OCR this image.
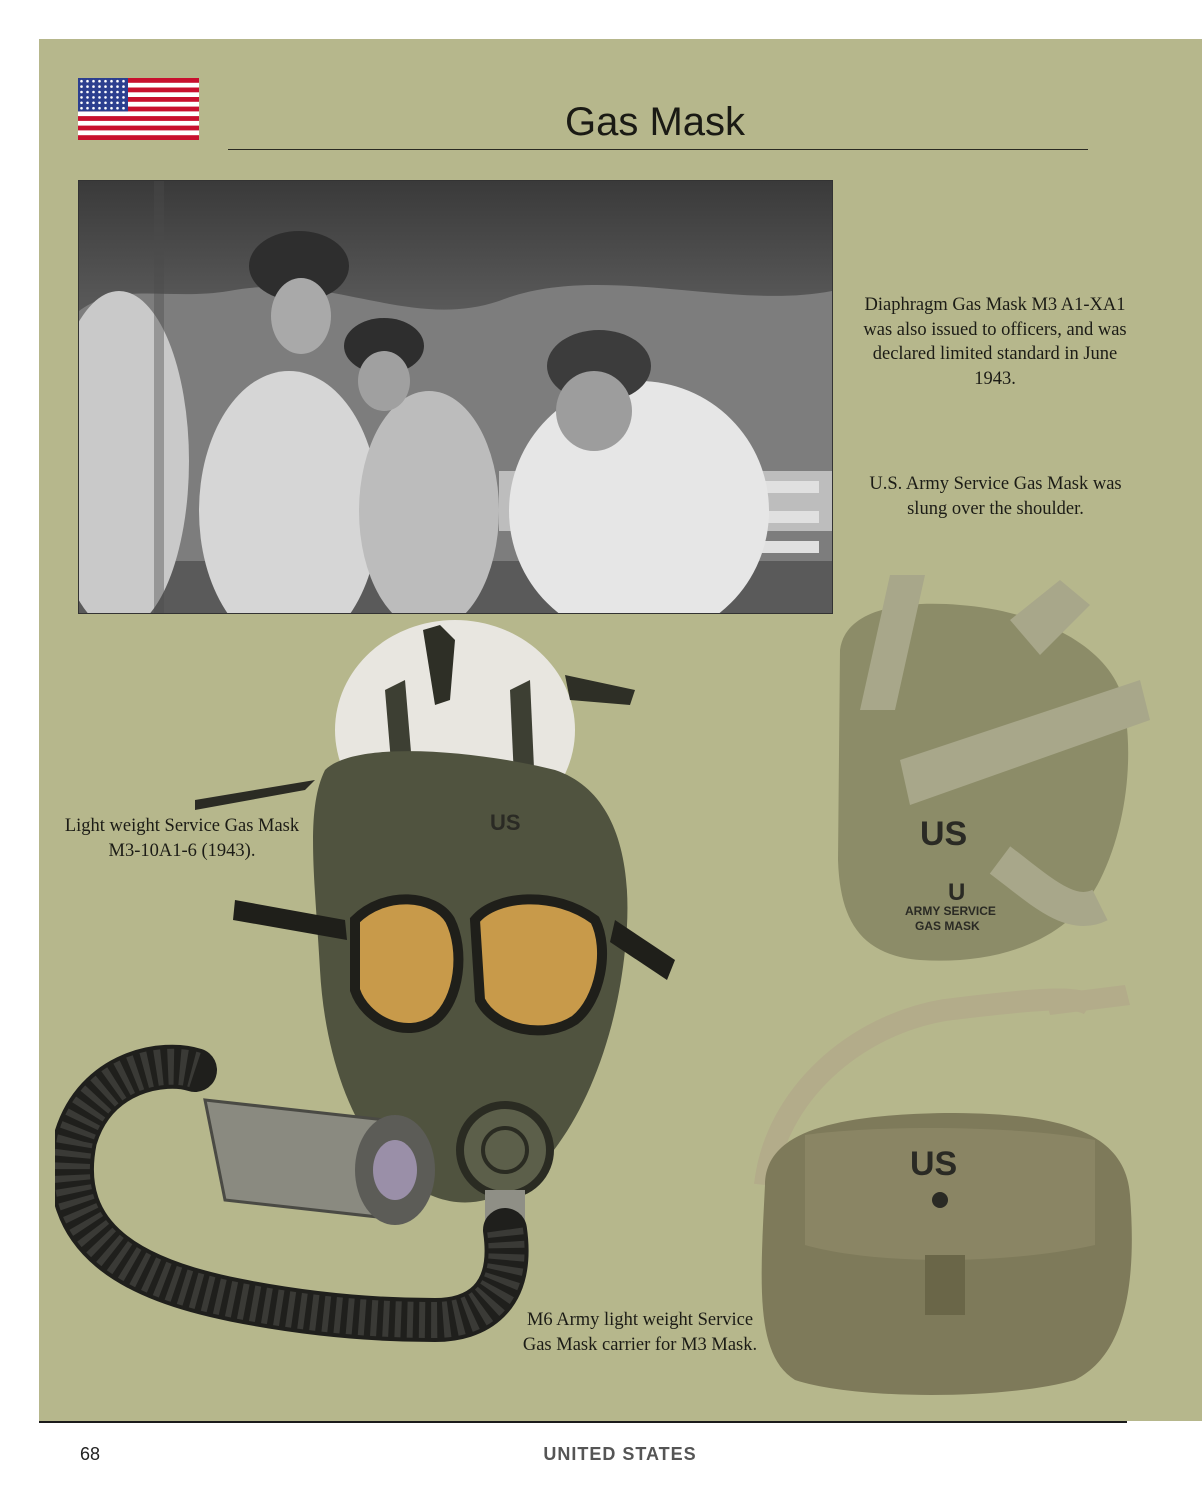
Gas Mask
Diaphragm Gas Mask M3 A1-XA1 was also issued to officers, and was declared limited standard in June 1943.
U.S. Army Service Gas Mask was slung over the shoulder.
Light weight Service Gas Mask M3-10A1-6 (1943).
M6 Army light weight Service Gas Mask carrier for M3 Mask.
US	US
U
ARMY SERVICE
GAS MASK
US
68	UNITED STATES
